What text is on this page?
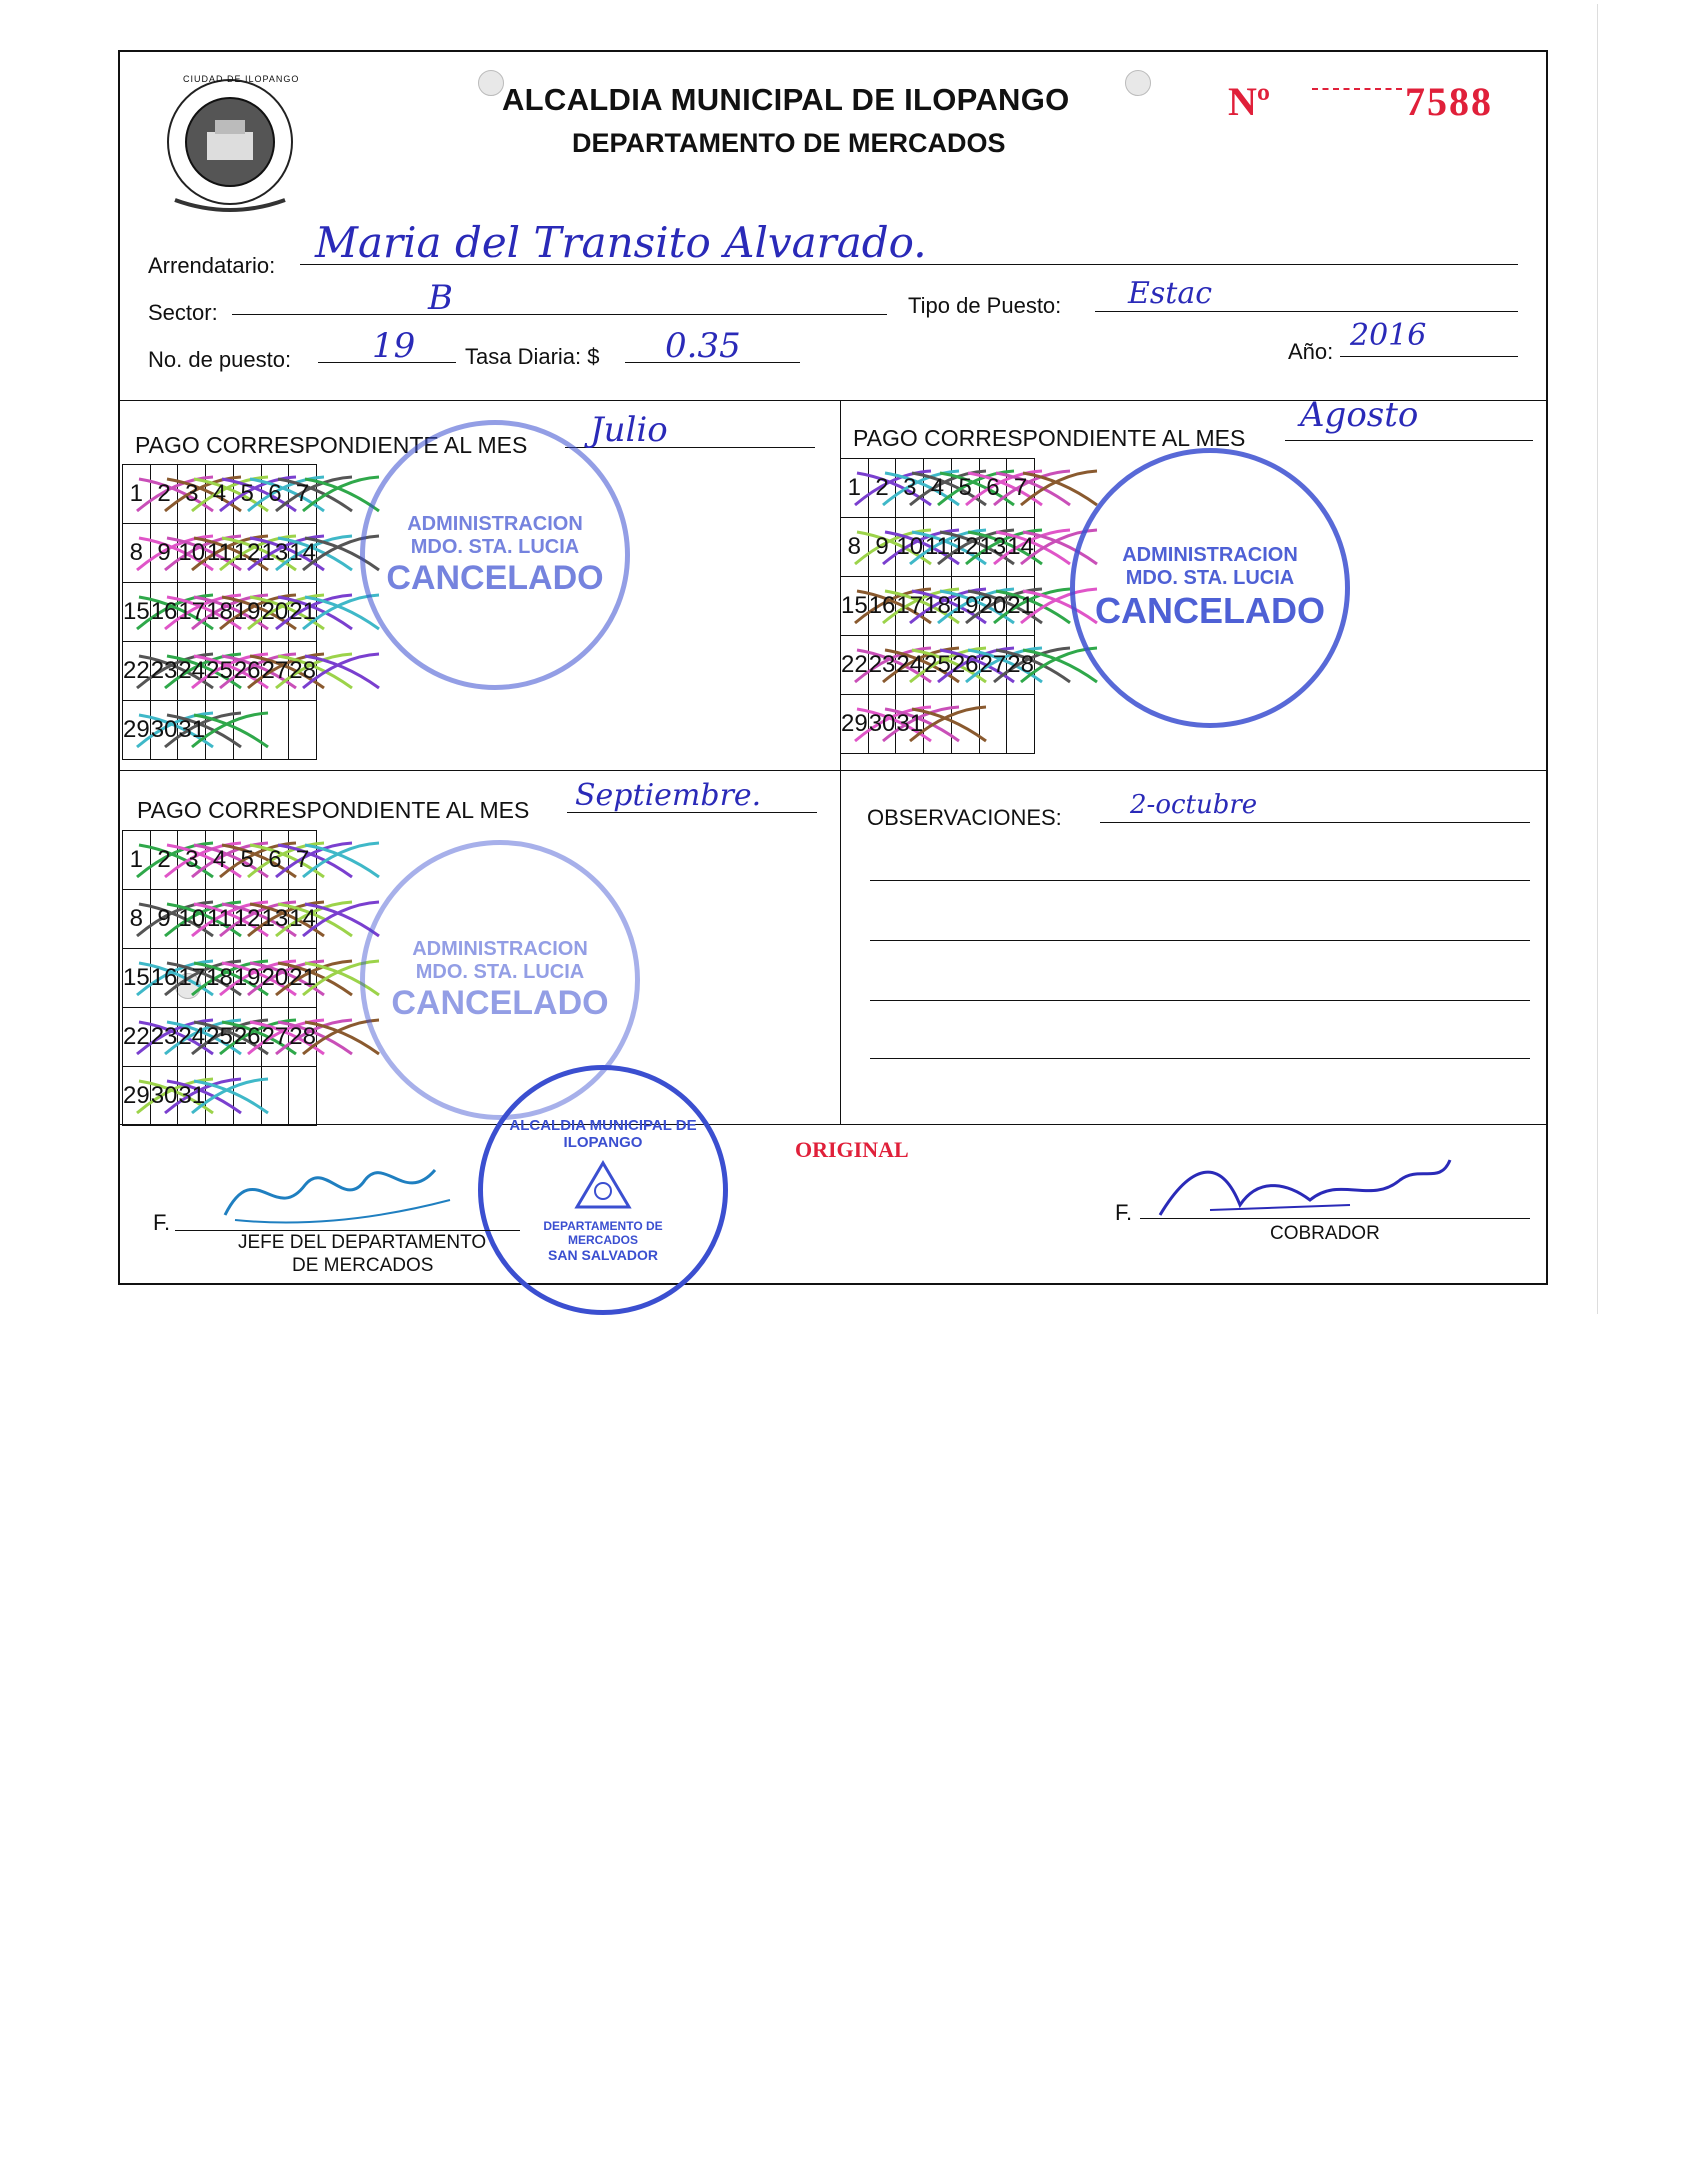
CIUDAD DE ILOPANGO
ALCALDIA MUNICIPAL DE ILOPANGO
DEPARTAMENTO DE MERCADOS
Nº	7588
Arrendatario: Maria del Transito Alvarado.
Sector:	B	Tipo de Puesto: Estac
No. de puesto: 19 Tasa Diaria: $ 0.35	Año: 2016
PAGO CORRESPONDIENTE AL MES Julio	PAGO CORRESPONDIENTE AL MES
Agosto
PAGO CORRESPONDIENTE AL MES Septiembre.
1	2	3	4	5	6	7

8	9	10	11	12	13	14

15	16	17	18	19	20	21

22	23	24	25	26	27	28

29	30	31				
1	2	3	4	5	6	7

8	9	10	11	12	13	14

15	16	17	18	19	20	21

22	23	24	25	26	27	28

29	30	31				
1	2	3	4	5	6	7

8	9	10	11	12	13	14

15	16	17	18	19	20	21

22	23	24	25	26	27	28

29	30	31				
OBSERVACIONES:	2-octubre
ADMINISTRACION
MDO. STA. LUCIA
CANCELADO
ADMINISTRACION
MDO. STA. LUCIA
CANCELADO
ADMINISTRACION
MDO. STA. LUCIA
CANCELADO
ALCALDIA MUNICIPAL DE ILOPANGO
DEPARTAMENTO DE MERCADOS
SAN SALVADOR
ORIGINAL
F.
JEFE DEL DEPARTAMENTO
DE MERCADOS
F.
COBRADOR
